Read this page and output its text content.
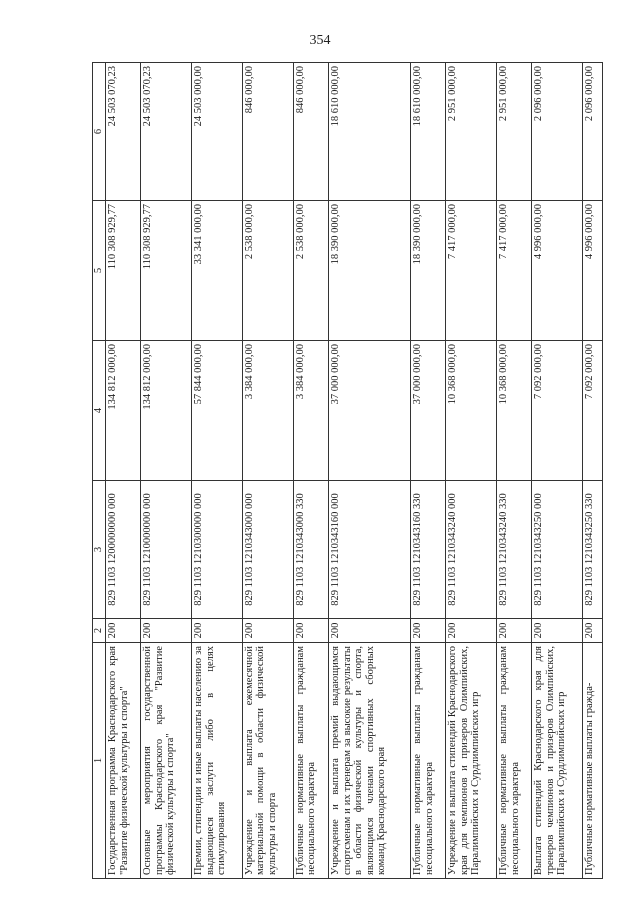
354
1	2	3	4	5	6
Государственная программа Краснодарского края "Развитие физической культуры и спорта"	200	829 1103 1200000000 000	134 812 000,00	110 308 929,77	24 503 070,23
Основные мероприятия государственной программы Краснодарского края "Развитие физической культуры и спорта"	200	829 1103 1210000000 000	134 812 000,00	110 308 929,77	24 503 070,23
Премии, стипендии и иные выплаты населению за выдающиеся заслуги либо в целях стимулирования	200	829 1103 1210300000 000	57 844 000,00	33 341 000,00	24 503 000,00
Учреждение и выплата ежемесячной материальной помощи в области физической культуры и спорта	200	829 1103 1210343000 000	3 384 000,00	2 538 000,00	846 000,00
Публичные нормативные выплаты гражданам несоциального характера	200	829 1103 1210343000 330	3 384 000,00	2 538 000,00	846 000,00
Учреждение и выплата премий выдающимся спортсменам и их тренерам за высокие результаты в области физической культуры и спорта, являющимся членами спортивных сборных команд Краснодарского края	200	829 1103 1210343160 000	37 000 000,00	18 390 000,00	18 610 000,00
Публичные нормативные выплаты гражданам несоциального характера	200	829 1103 1210343160 330	37 000 000,00	18 390 000,00	18 610 000,00
Учреждение и выплата стипендий Краснодарского края для чемпионов и призеров Олимпийских, Паралимпийских и Сурдлимпийских игр	200	829 1103 1210343240 000	10 368 000,00	7 417 000,00	2 951 000,00
Публичные нормативные выплаты гражданам несоциального характера	200	829 1103 1210343240 330	10 368 000,00	7 417 000,00	2 951 000,00
Выплата стипендий Краснодарского края для тренеров чемпионов и призеров Олимпийских, Паралимпийских и Сурдлимпийских игр	200	829 1103 1210343250 000	7 092 000,00	4 996 000,00	2 096 000,00
Публичные нормативные выплаты гражда-	200	829 1103 1210343250 330	7 092 000,00	4 996 000,00	2 096 000,00
